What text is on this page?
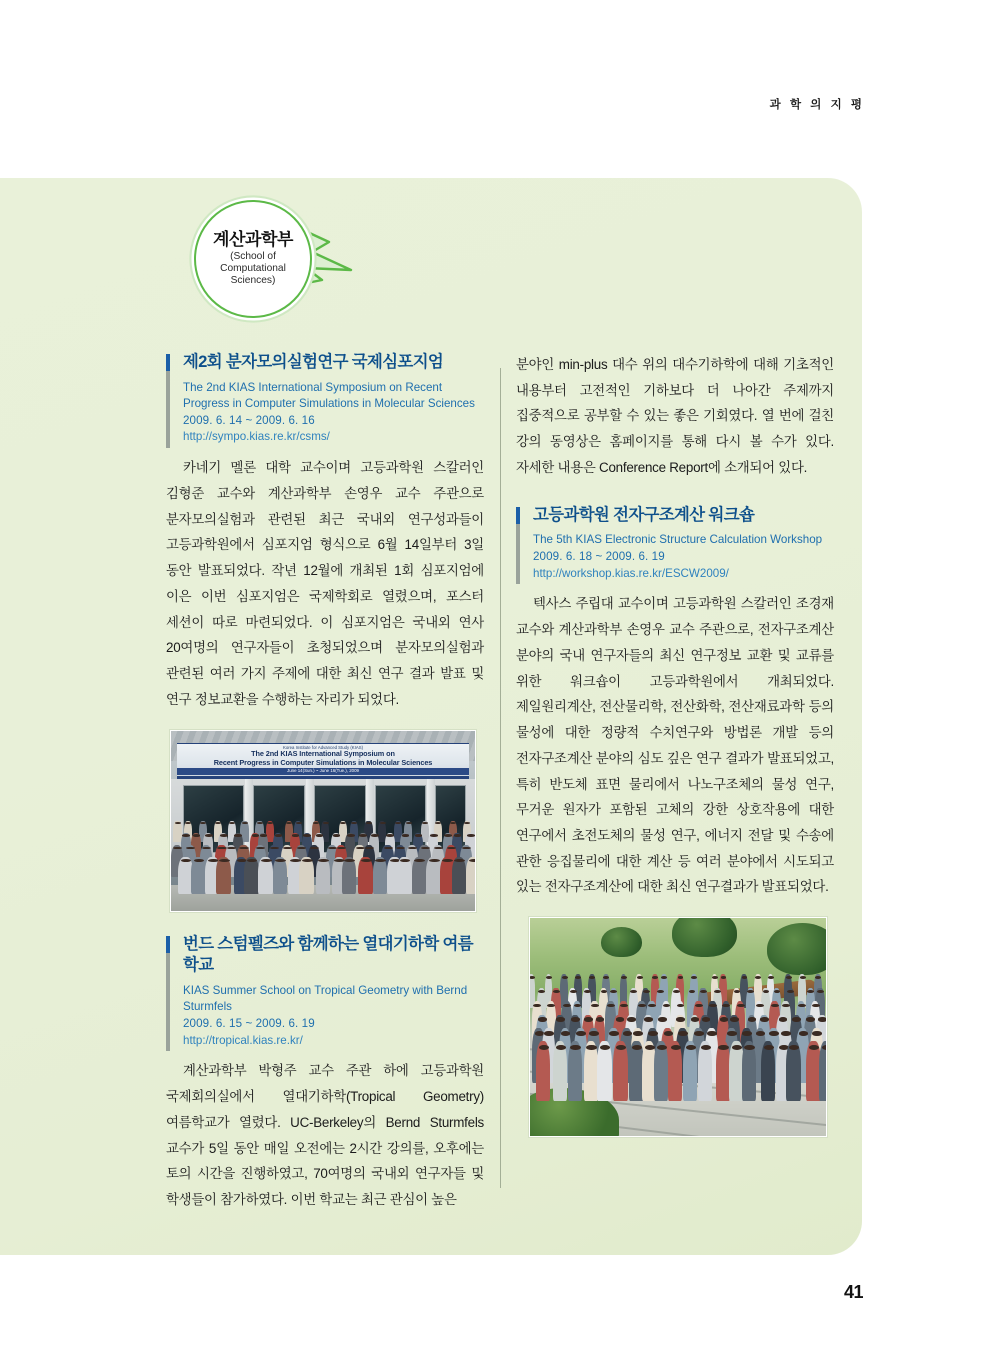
과 학 의 지 평
계산과학부
(School of
Computational
Sciences)
제2회 분자모의실험연구 국제심포지엄
The 2nd KIAS International Symposium on Recent Progress in Computer Simulations in Molecular Sciences
2009. 6. 14 ~ 2009. 6. 16
http://sympo.kias.re.kr/csms/

카네기 멜론 대학 교수이며 고등과학원 스칼러인 김형준 교수와 계산과학부 손영우 교수 주관으로 분자모의실험과 관련된 최근 국내외 연구성과들이 고등과학원에서 심포지엄 형식으로 6월 14일부터 3일 동안 발표되었다. 작년 12월에 개최된 1회 심포지엄에 이은 이번 심포지엄은 국제학회로 열렸으며, 포스터 세션이 따로 마련되었다. 이 심포지엄은 국내외 연사 20여명의 연구자들이 초청되었으며 분자모의실험과 관련된 여러 가지 주제에 대한 최신 연구 결과 발표 및 연구 정보교환을 수행하는 자리가 되었다.

Korea Institute for Advanced Study (KIAS)
The 2nd KIAS International Symposium on
Recent Progress in Computer Simulations in Molecular Sciences
June 14(Sun.) ~ June 16(Tue.), 2009
번드 스텀펠즈와 함께하는 열대기하학 여름학교
KIAS Summer School on Tropical Geometry with Bernd Sturmfels
2009. 6. 15 ~ 2009. 6. 19
http://tropical.kias.re.kr/

계산과학부 박형주 교수 주관 하에 고등과학원 국제회의실에서 열대기하학(Tropical Geometry) 여름학교가 열렸다. UC-Berkeley의 Bernd Sturmfels 교수가 5일 동안 매일 오전에는 2시간 강의를, 오후에는 토의 시간을 진행하였고, 70여명의 국내외 연구자들 및 학생들이 참가하였다. 이번 학교는 최근 관심이 높은

분야인 min-plus 대수 위의 대수기하학에 대해 기초적인 내용부터 고전적인 기하보다 더 나아간 주제까지 집중적으로 공부할 수 있는 좋은 기회였다. 열 번에 걸친 강의 동영상은 홈페이지를 통해 다시 볼 수가 있다. 자세한 내용은 Conference Report에 소개되어 있다.

고등과학원 전자구조계산 워크숍
The 5th KIAS Electronic Structure Calculation Workshop
2009. 6. 18 ~ 2009. 6. 19
http://workshop.kias.re.kr/ESCW2009/

텍사스 주립대 교수이며 고등과학원 스칼러인 조경재 교수와 계산과학부 손영우 교수 주관으로, 전자구조계산 분야의 국내 연구자들의 최신 연구정보 교환 및 교류를 위한 워크숍이 고등과학원에서 개최되었다. 제일원리계산, 전산물리학, 전산화학, 전산재료과학 등의 물성에 대한 정량적 수치연구와 방법론 개발 등의 전자구조계산 분야의 심도 깊은 연구 결과가 발표되었고, 특히 반도체 표면 물리에서 나노구조체의 물성 연구, 무거운 원자가 포함된 고체의 강한 상호작용에 대한 연구에서 초전도체의 물성 연구, 에너지 전달 및 수송에 관한 응집물리에 대한 계산 등 여러 분야에서 시도되고 있는 전자구조계산에 대한 최신 연구결과가 발표되었다.

41
